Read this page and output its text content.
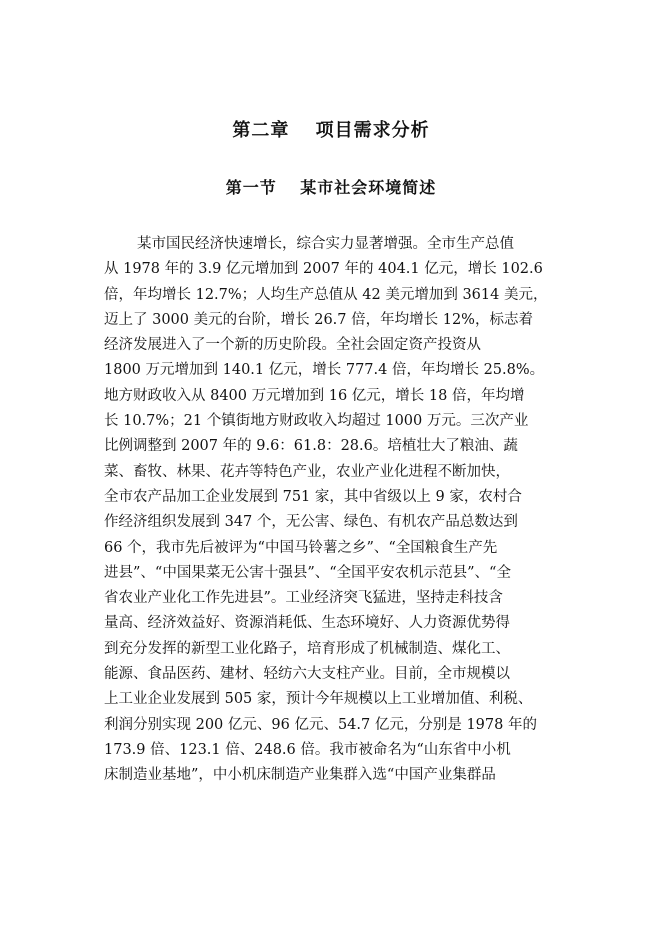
第二章　 项目需求分析
第一节　 某市社会环境简述
某市国民经济快速增长，综合实力显著增强。全市生产总值
从 1978 年的 3.9 亿元增加到 2007 年的 404.1 亿元，增长 102.6
倍，年均增长 12.7%；人均生产总值从 42 美元增加到 3614 美元，
迈上了 3000 美元的台阶，增长 26.7 倍，年均增长 12%，标志着
经济发展进入了一个新的历史阶段。全社会固定资产投资从
1800 万元增加到 140.1 亿元，增长 777.4 倍，年均增长 25.8%。
地方财政收入从 8400 万元增加到 16 亿元，增长 18 倍，年均增
长 10.7%；21 个镇街地方财政收入均超过 1000 万元。三次产业
比例调整到 2007 年的 9.6：61.8：28.6。培植壮大了粮油、蔬
菜、畜牧、林果、花卉等特色产业，农业产业化进程不断加快，
全市农产品加工企业发展到 751 家，其中省级以上 9 家，农村合
作经济组织发展到 347 个，无公害、绿色、有机农产品总数达到
66 个，我市先后被评为“中国马铃薯之乡”、“全国粮食生产先
进县”、“中国果菜无公害十强县”、“全国平安农机示范县”、“全
省农业产业化工作先进县”。工业经济突飞猛进，坚持走科技含
量高、经济效益好、资源消耗低、生态环境好、人力资源优势得
到充分发挥的新型工业化路子，培育形成了机械制造、煤化工、
能源、食品医药、建材、轻纺六大支柱产业。目前，全市规模以
上工业企业发展到 505 家，预计今年规模以上工业增加值、利税、
利润分别实现 200 亿元、96 亿元、54.7 亿元，分别是 1978 年的
173.9 倍、123.1 倍、248.6 倍。我市被命名为“山东省中小机
床制造业基地”，中小机床制造产业集群入选“中国产业集群品
